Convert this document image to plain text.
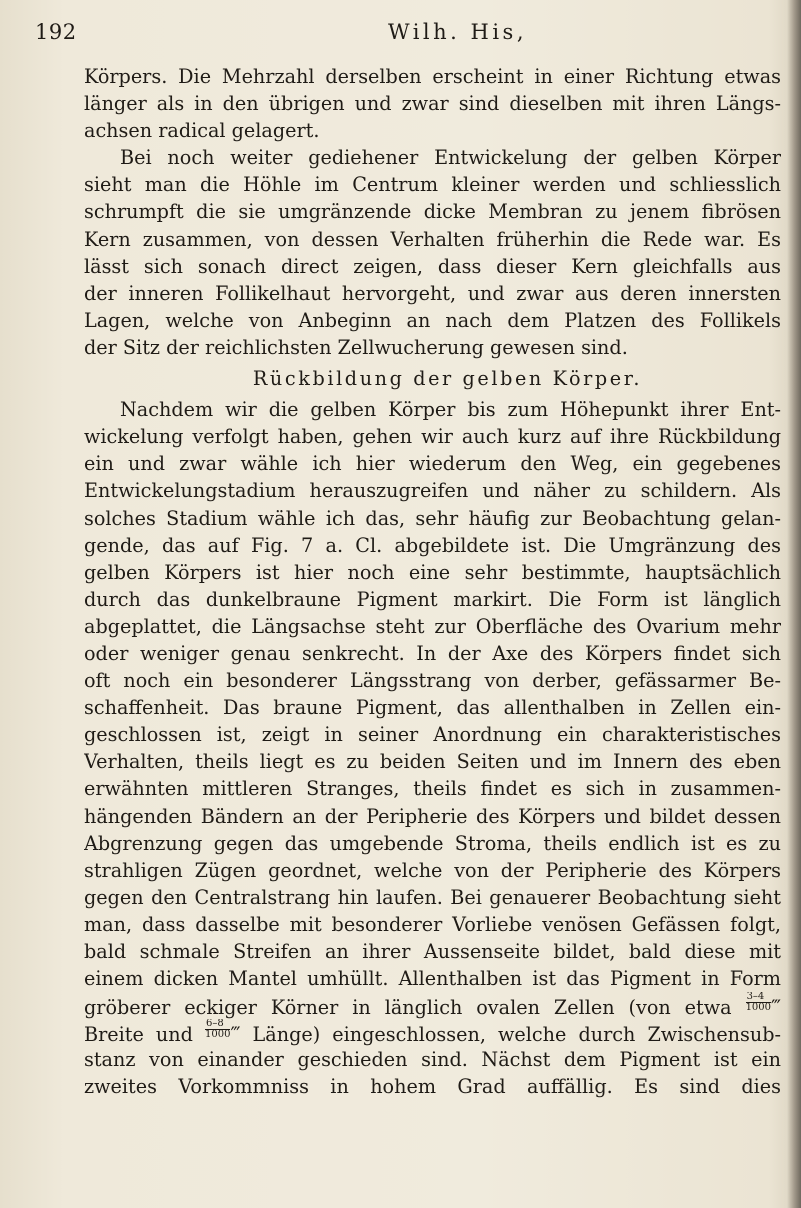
192	Wilh. His,
Körpers. Die Mehrzahl derselben erscheint in einer Richtung etwas
länger als in den übrigen und zwar sind dieselben mit ihren Längs-
achsen radical gelagert.
Bei noch weiter gediehener Entwickelung der gelben Körper
sieht man die Höhle im Centrum kleiner werden und schliesslich
schrumpft die sie umgränzende dicke Membran zu jenem fibrösen
Kern zusammen, von dessen Verhalten früherhin die Rede war. Es
lässt sich sonach direct zeigen, dass dieser Kern gleichfalls aus
der inneren Follikelhaut hervorgeht, und zwar aus deren innersten
Lagen, welche von Anbeginn an nach dem Platzen des Follikels
der Sitz der reichlichsten Zellwucherung gewesen sind.
Rückbildung der gelben Körper.
Nachdem wir die gelben Körper bis zum Höhepunkt ihrer Ent-
wickelung verfolgt haben, gehen wir auch kurz auf ihre Rückbildung
ein und zwar wähle ich hier wiederum den Weg, ein gegebenes
Entwickelungstadium herauszugreifen und näher zu schildern. Als
solches Stadium wähle ich das, sehr häufig zur Beobachtung gelan-
gende, das auf Fig. 7 a. Cl. abgebildete ist. Die Umgränzung des
gelben Körpers ist hier noch eine sehr bestimmte, hauptsächlich
durch das dunkelbraune Pigment markirt. Die Form ist länglich
abgeplattet, die Längsachse steht zur Oberfläche des Ovarium mehr
oder weniger genau senkrecht. In der Axe des Körpers findet sich
oft noch ein besonderer Längsstrang von derber, gefässarmer Be-
schaffenheit. Das braune Pigment, das allenthalben in Zellen ein-
geschlossen ist, zeigt in seiner Anordnung ein charakteristisches
Verhalten, theils liegt es zu beiden Seiten und im Innern des eben
erwähnten mittleren Stranges, theils findet es sich in zusammen-
hängenden Bändern an der Peripherie des Körpers und bildet dessen
Abgrenzung gegen das umgebende Stroma, theils endlich ist es zu
strahligen Zügen geordnet, welche von der Peripherie des Körpers
gegen den Centralstrang hin laufen. Bei genauerer Beobachtung sieht
man, dass dasselbe mit besonderer Vorliebe venösen Gefässen folgt,
bald schmale Streifen an ihrer Aussenseite bildet, bald diese mit
einem dicken Mantel umhüllt. Allenthalben ist das Pigment in Form
gröberer eckiger Körner in länglich ovalen Zellen (von etwa $\frac{3-4}{1000}$ ‴
Breite und $\frac{6-8}{1000}$ ‴ Länge) eingeschlossen, welche durch Zwischensub-
stanz von einander geschieden sind. Nächst dem Pigment ist ein
zweites Vorkommniss in hohem Grad auffällig. Es sind dies
